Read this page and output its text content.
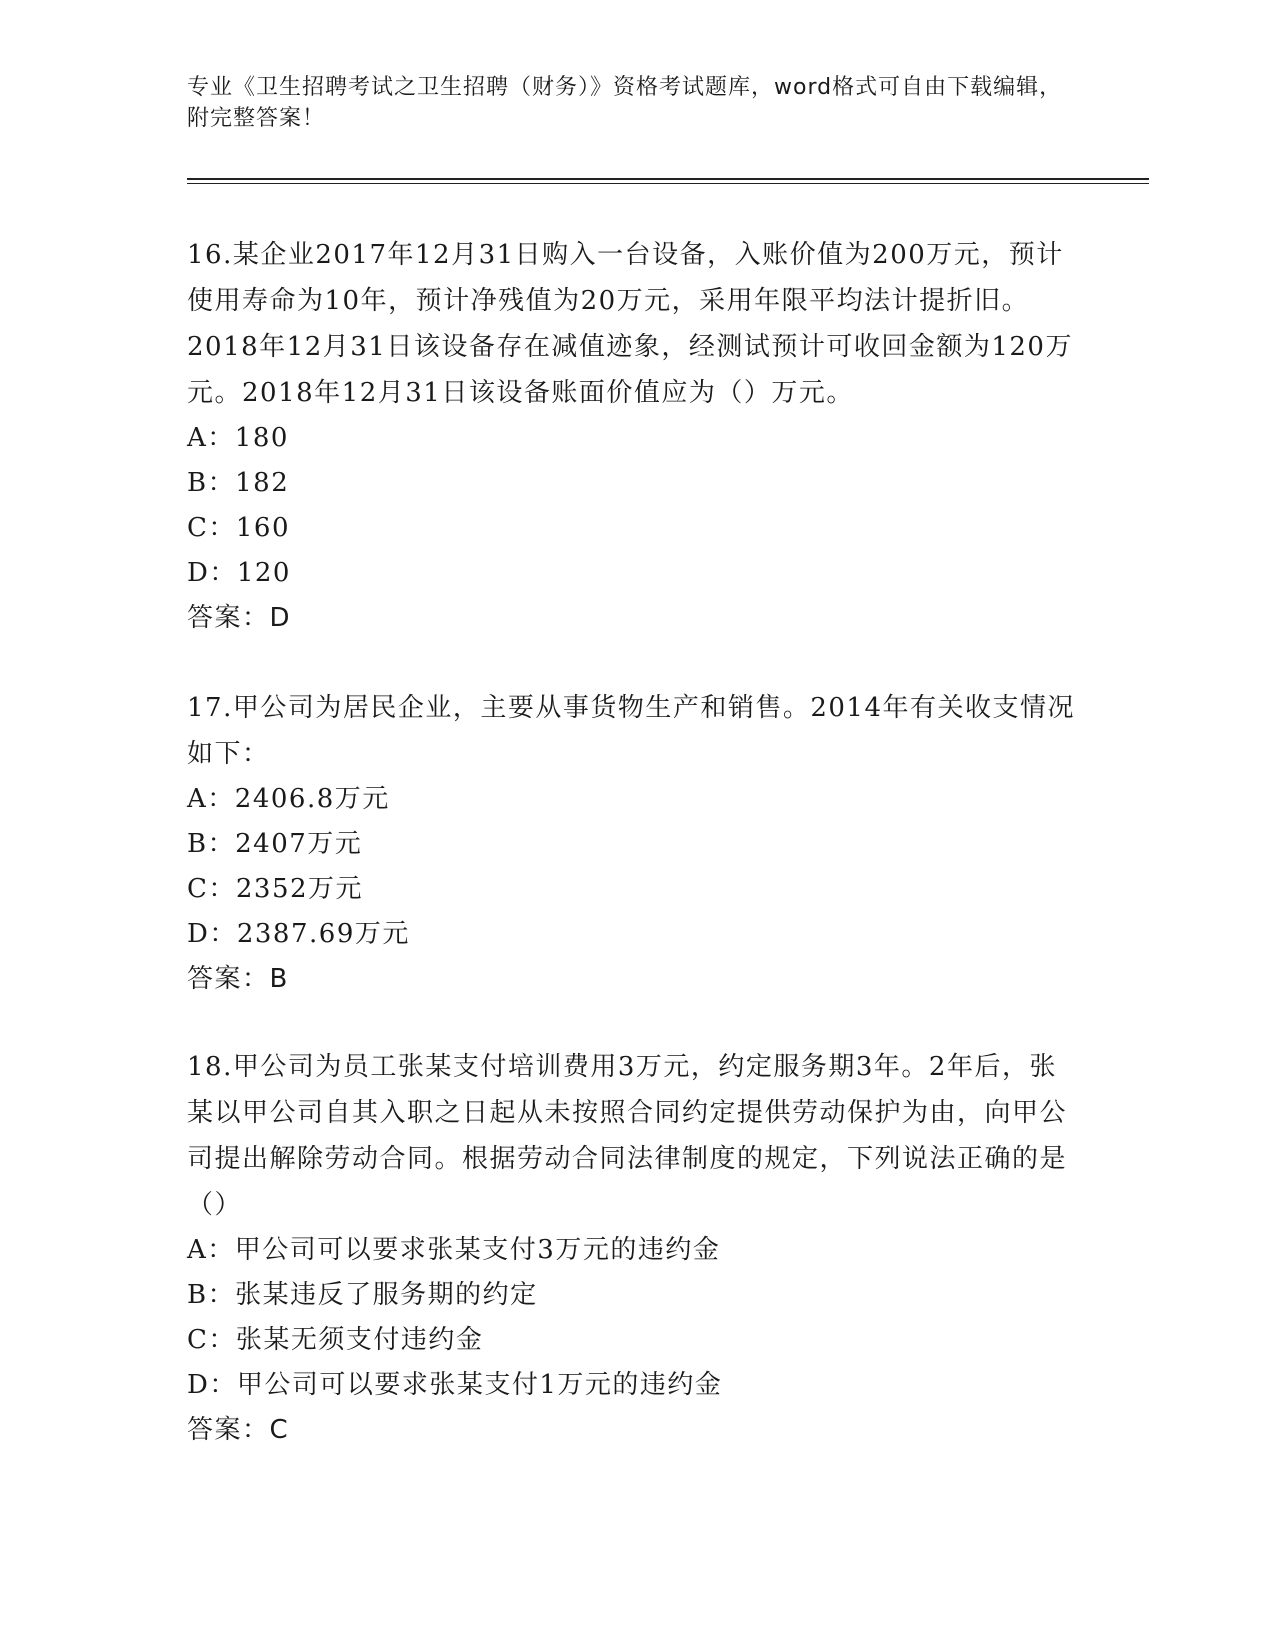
专业《卫生招聘考试之卫生招聘（财务）》资格考试题库，word格式可自由下载编辑，附完整答案！

16.某企业2017年12月31日购入一台设备，入账价值为200万元，预计使用寿命为10年，预计净残值为20万元，采用年限平均法计提折旧。2018年12月31日该设备存在减值迹象，经测试预计可收回金额为120万元。2018年12月31日该设备账面价值应为（）万元。

A：180

B：182

C：160

D：120

答案：D

17.甲公司为居民企业，主要从事货物生产和销售。2014年有关收支情况如下：

A：2406.8万元

B：2407万元

C：2352万元

D：2387.69万元

答案：B

18.甲公司为员工张某支付培训费用3万元，约定服务期3年。2年后，张某以甲公司自其入职之日起从未按照合同约定提供劳动保护为由，向甲公司提出解除劳动合同。根据劳动合同法律制度的规定，下列说法正确的是（）

A：甲公司可以要求张某支付3万元的违约金

B：张某违反了服务期的约定

C：张某无须支付违约金

D：甲公司可以要求张某支付1万元的违约金

答案：C
